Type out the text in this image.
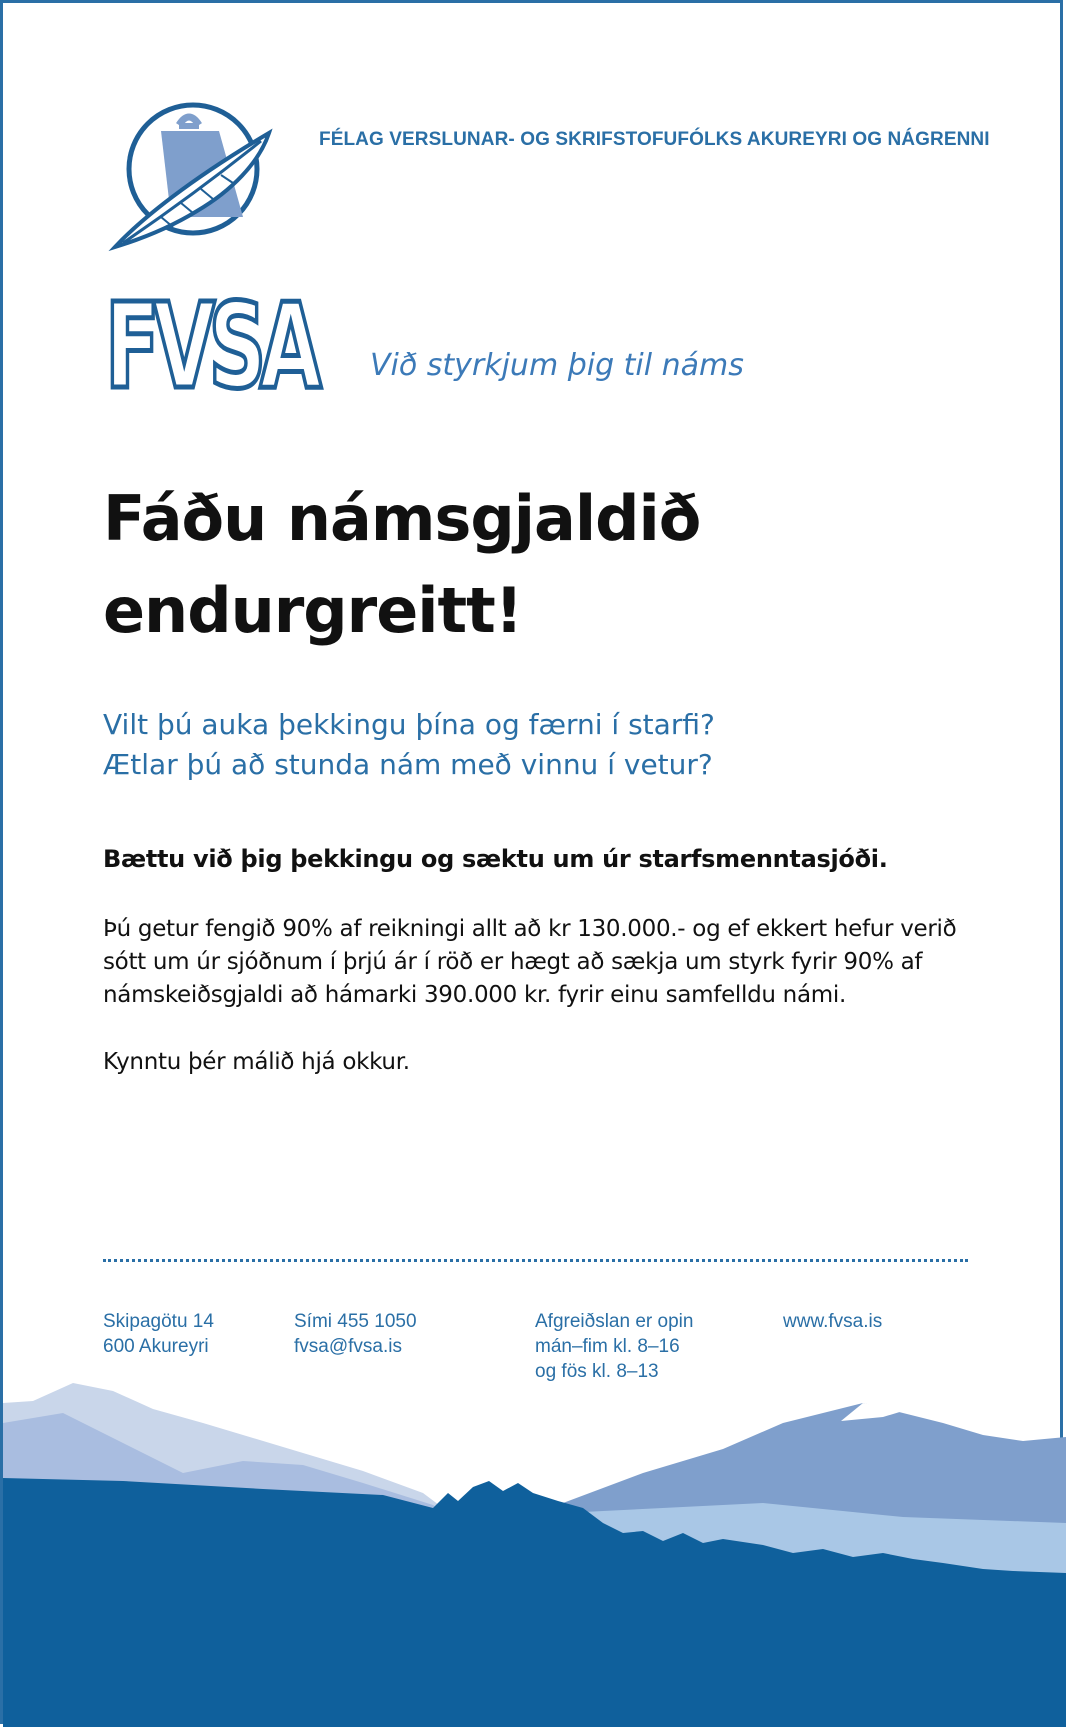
FVSA
FÉLAG VERSLUNAR- OG SKRIFSTOFUFÓLKS AKUREYRI OG NÁGRENNI
Við styrkjum þig til náms
Fáðu námsgjaldið
endurgreitt!
Vilt þú auka þekkingu þína og færni í starfi?
Ætlar þú að stunda nám með vinnu í vetur?
Bættu við þig þekkingu og sæktu um úr starfsmenntasjóði.

Þú getur fengið 90% af reikningi allt að kr 130.000.- og ef ekkert hefur verið
sótt um úr sjóðnum í þrjú ár í röð er hægt að sækja um styrk fyrir 90% af
námskeiðsgjaldi að hámarki 390.000 kr. fyrir einu samfelldu námi.

Kynntu þér málið hjá okkur.

Skipagötu 14
600 Akureyri
Sími 455 1050
fvsa@fvsa.is
Afgreiðslan er opin
mán–fim kl. 8–16
og fös kl. 8–13
www.fvsa.is
